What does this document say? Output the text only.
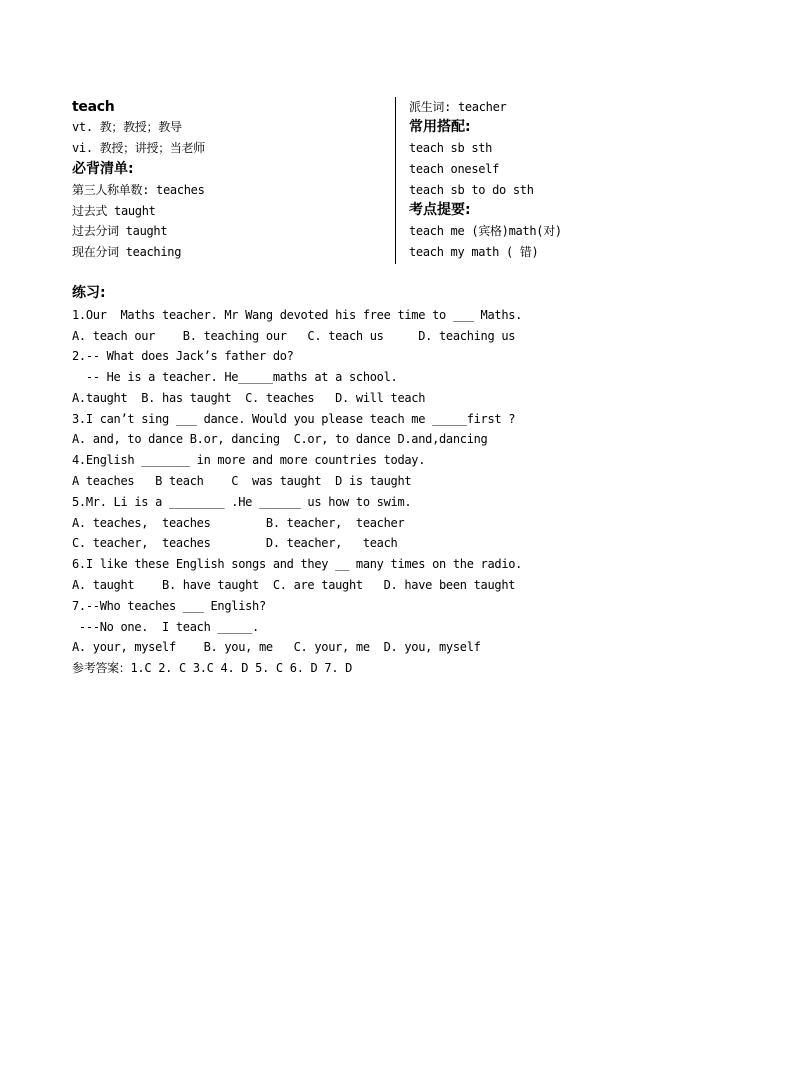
teach
vt. 教；教授；教导
vi. 教授；讲授；当老师
必背清单:
第三人称单数: teaches
过去式 taught
过去分词 taught
现在分词 teaching
派生词: teacher
常用搭配:
teach sb sth
teach oneself
teach sb to do sth
考点提要:
teach me (宾格)math(对)
teach my math ( 错)
练习:
1.Our  Maths teacher. Mr Wang devoted his free time to ___ Maths.
A. teach our    B. teaching our   C. teach us     D. teaching us
2.-- What does Jack’s father do?
-- He is a teacher. He_____maths at a school.
A.taught  B. has taught  C. teaches   D. will teach
3.I can’t sing ___ dance. Would you please teach me _____first ?
A. and, to dance B.or, dancing  C.or, to dance D.and,dancing
4.English _______ in more and more countries today.
A teaches   B teach    C  was taught  D is taught
5.Mr. Li is a ________ .He ______ us how to swim.
A. teaches,  teaches        B. teacher,  teacher
C. teacher,  teaches        D. teacher,   teach
6.I like these English songs and they __ many times on the radio.
A. taught    B. have taught  C. are taught   D. have been taught
7.--Who teaches ___ English?
---No one.  I teach _____.
A. your, myself    B. you, me   C. your, me  D. you, myself
参考答案：1.C 2. C 3.C 4. D 5. C 6. D 7. D
